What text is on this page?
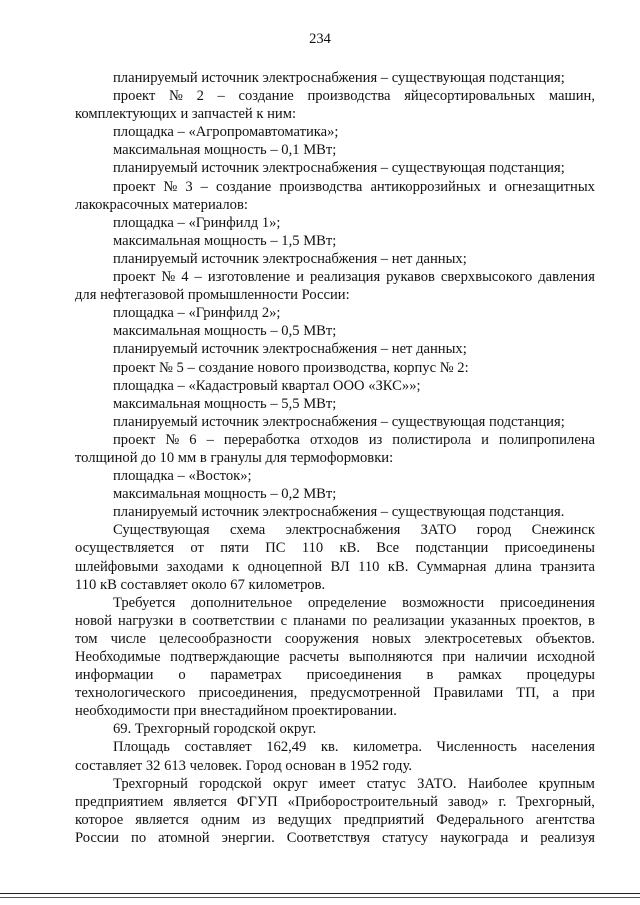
234
планируемый источник электроснабжения – существующая подстанция;
проект № 2 – создание производства яйцесортировальных машин,
комплектующих и запчастей к ним:
площадка – «Агропромавтоматика»;
максимальная мощность – 0,1 МВт;
планируемый источник электроснабжения – существующая подстанция;
проект № 3 – создание производства антикоррозийных и огнезащитных
лакокрасочных материалов:
площадка – «Гринфилд 1»;
максимальная мощность – 1,5 МВт;
планируемый источник электроснабжения – нет данных;
проект № 4 – изготовление и реализация рукавов сверхвысокого давления
для нефтегазовой промышленности России:
площадка – «Гринфилд 2»;
максимальная мощность – 0,5 МВт;
планируемый источник электроснабжения – нет данных;
проект № 5 – создание нового производства, корпус № 2:
площадка – «Кадастровый квартал ООО «ЗКС»»;
максимальная мощность – 5,5 МВт;
планируемый источник электроснабжения – существующая подстанция;
проект № 6 – переработка отходов из полистирола и полипропилена
толщиной до 10 мм в гранулы для термоформовки:
площадка – «Восток»;
максимальная мощность – 0,2 МВт;
планируемый источник электроснабжения – существующая подстанция.
Существующая схема электроснабжения ЗАТО город Снежинск
осуществляется от пяти ПС 110 кВ. Все подстанции присоединены
шлейфовыми заходами к одноцепной ВЛ 110 кВ. Суммарная длина транзита
110 кВ составляет около 67 километров.
Требуется дополнительное определение возможности присоединения
новой нагрузки в соответствии с планами по реализации указанных проектов, в
том числе целесообразности сооружения новых электросетевых объектов.
Необходимые подтверждающие расчеты выполняются при наличии исходной
информации о параметрах присоединения в рамках процедуры
технологического присоединения, предусмотренной Правилами ТП, а при
необходимости при внестадийном проектировании.
69. Трехгорный городской округ.
Площадь составляет 162,49 кв. километра. Численность населения
составляет 32 613 человек. Город основан в 1952 году.
Трехгорный городской округ имеет статус ЗАТО. Наиболее крупным
предприятием является ФГУП «Приборостроительный завод» г. Трехгорный,
которое является одним из ведущих предприятий Федерального агентства
России по атомной энергии. Соответствуя статусу наукограда и реализуя
